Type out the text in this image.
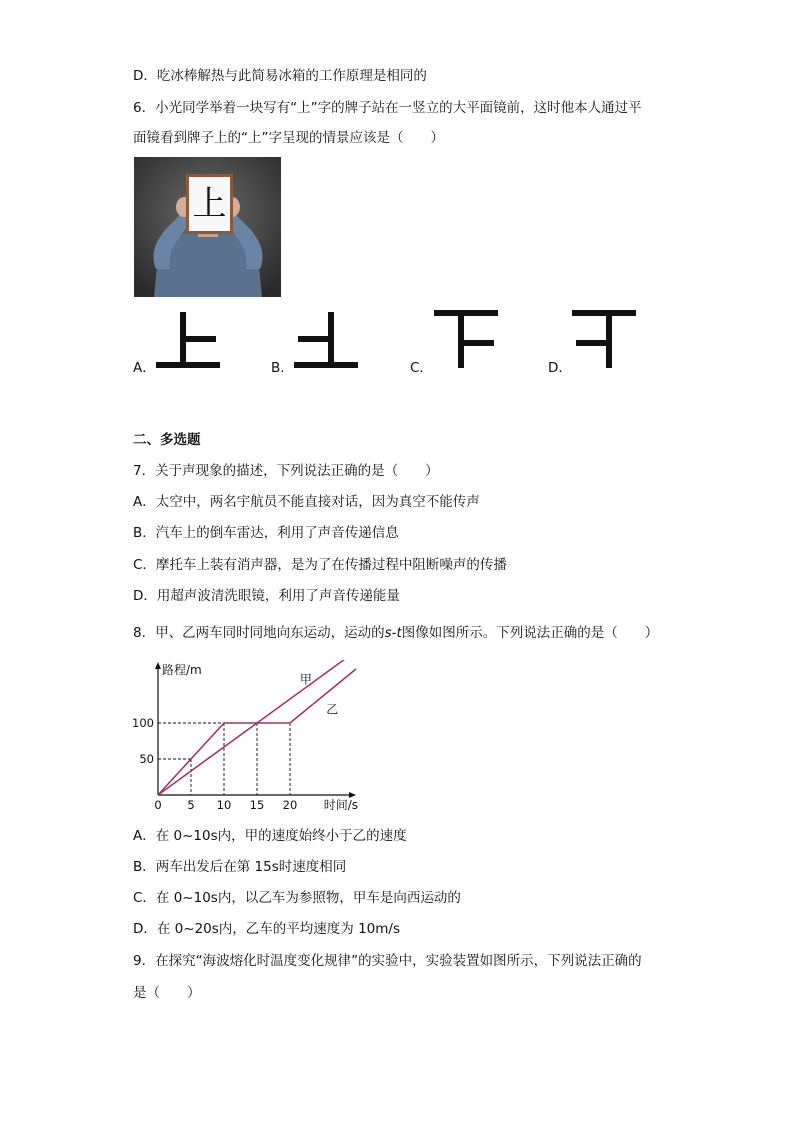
D．吃冰棒解热与此简易冰箱的工作原理是相同的
6．小光同学举着一块写有“上”字的牌子站在一竖立的大平面镜前，这时他本人通过平
面镜看到牌子上的“上”字呈现的情景应该是（　　）
上
A．	B．	C．	D．
二、多选题
7．关于声现象的描述，下列说法正确的是（　　）
A．太空中，两名宇航员不能直接对话，因为真空不能传声
B．汽车上的倒车雷达，利用了声音传递信息
C．摩托车上装有消声器，是为了在传播过程中阻断噪声的传播
D．用超声波清洗眼镜，利用了声音传递能量
8．甲、乙两车同时同地向东运动，运动的s-t图像如图所示。下列说法正确的是（　　）
甲
乙
0 5 10 15 20
50
100
路程/m
时间/s
A．在 0~10s内，甲的速度始终小于乙的速度
B．两车出发后在第 15s时速度相同
C．在 0~10s内，以乙车为参照物，甲车是向西运动的
D．在 0~20s内，乙车的平均速度为 10m/s
9．在探究“海波熔化时温度变化规律”的实验中，实验装置如图所示，下列说法正确的
是（　　）
